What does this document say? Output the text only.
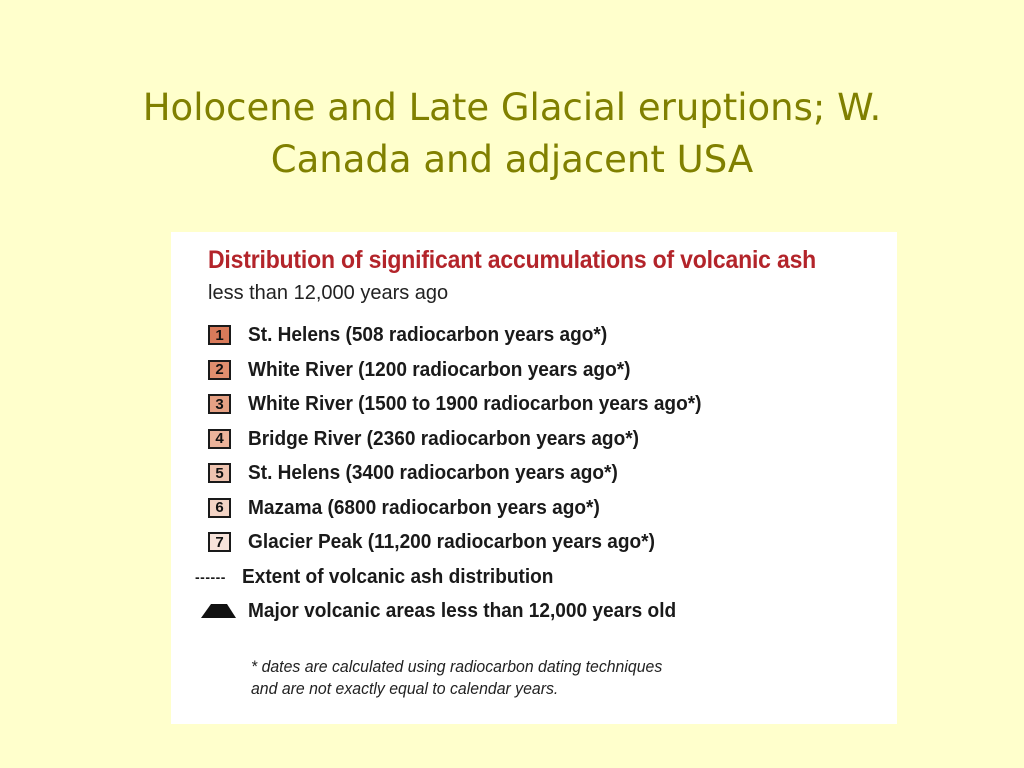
Holocene and Late Glacial eruptions; W.
Canada and adjacent USA
Distribution of significant accumulations of volcanic ash
less than 12,000 years ago
1	St. Helens (508 radiocarbon years ago*)
2	White River (1200 radiocarbon years ago*)
3	White River (1500 to 1900 radiocarbon years ago*)
4	Bridge River (2360 radiocarbon years ago*)
5	St. Helens (3400 radiocarbon years ago*)
6	Mazama (6800 radiocarbon years ago*)
7	Glacier Peak (11,200 radiocarbon years ago*)
------ Extent of volcanic ash distribution
Major volcanic areas less than 12,000 years old
* dates are calculated using radiocarbon dating techniques
and are not exactly equal to calendar years.
